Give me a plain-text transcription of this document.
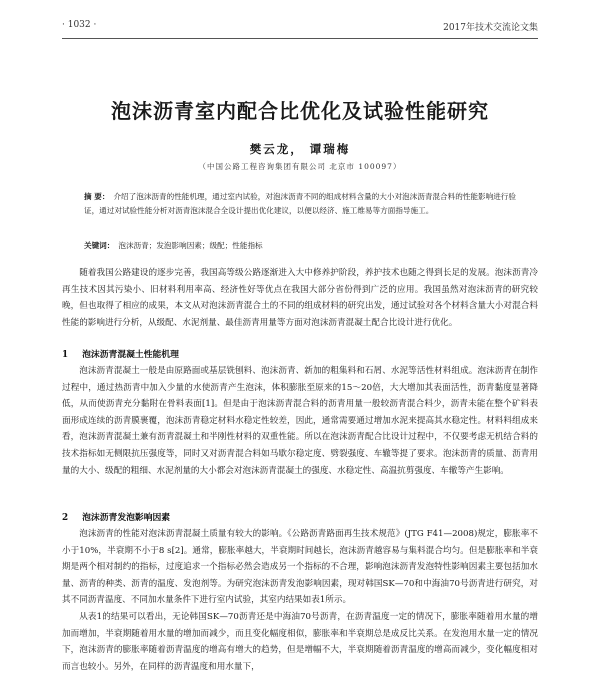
· 1032 ·	2017年技术交流论文集
泡沫沥青室内配合比优化及试验性能研究
樊云龙， 谭瑞梅
（中国公路工程咨询集团有限公司 北京市 100097）
摘 要： 介绍了泡沫沥青的性能机理，通过室内试验，对泡沫沥青不同的组成材料含量的大小对泡沫沥青混合料的性能影响进行验证，通过对试验性能分析对沥青泡沫混合全设计提出优化建议，以便以经济、施工维易等方面指导施工。
关键词： 泡沫沥青；发泡影响因素；级配；性能指标

随着我国公路建设的逐步完善，我国高等级公路逐渐进入大中修养护阶段，养护技术也随之得到长足的发展。泡沫沥青冷再生技术因其污染小、旧材料利用率高、经济性好等优点在我国大部分省份得到广泛的应用。我国虽然对泡沫沥青的研究较晚，但也取得了相应的成果，本文从对泡沫沥青混合土的不同的组成材料的研究出发，通过试验对各个材料含量大小对混合料性能的影响进行分析，从级配、水泥剂量、最佳沥青用量等方面对泡沫沥青混凝土配合比设计进行优化。

1 泡沫沥青混凝土性能机理

泡沫沥青混凝土一般是由原路面或基层铣刨料、泡沫沥青、新加的粗集料和石屑、水泥等活性材料组成。泡沫沥青在制作过程中，通过热沥青中加入少量的水使沥青产生泡沫，体积膨胀至原来的15～20倍，大大增加其表面活性，沥青黏度显著降低，从而使沥青充分黏附在骨料表面[1]。但是由于泡沫沥青混合料的沥青用量一般较沥青混合料少，沥青未能在整个矿料表面形成连续的沥青膜裹覆，泡沫沥青稳定材料水稳定性较差，因此，通常需要通过增加水泥来提高其水稳定性。材料料组成来看，泡沫沥青混凝土兼有沥青混凝土和半刚性材料的双重性能。所以在泡沫沥青配合比设计过程中，不仅要考虑无机结合料的技术指标如无侧限抗压强度等，同时又对沥青混合料如马歇尔稳定度、劈裂强度、车辙等提了要求。泡沫沥青的质量、沥青用量的大小、级配的粗细、水泥剂量的大小都会对泡沫沥青混凝土的强度、水稳定性、高温抗剪强度、车辙等产生影响。

2 泡沫沥青发泡影响因素

泡沫沥青的性能对泡沫沥青混凝土质量有较大的影响。《公路沥青路面再生技术规范》(JTG F41—2008)规定，膨胀率不小于10%，半衰期不小于8 s[2]。通常，膨胀率越大，半衰期时间越长，泡沫沥青越容易与集料混合均匀。但是膨胀率和半衰期是两个相对制约的指标，过度追求一个指标必然会造成另一个指标的不合理，影响泡沫沥青发泡特性影响因素主要包括加水量、沥青的种类、沥青的温度、发泡剂等。为研究泡沫沥青发泡影响因素，现对韩国SK—70和中海油70号沥青进行研究，对其不同沥青温度、不同加水量条件下进行室内试验，其室内结果如表1所示。

从表1的结果可以看出，无论韩国SK—70沥青还是中海油70号沥青，在沥青温度一定的情况下，膨胀率随着用水量的增加而增加，半衰期随着用水量的增加而减少，而且变化幅度相似，膨胀率和半衰期总是成反比关系。在发泡用水量一定的情况下，泡沫沥青的膨胀率随着沥青温度的增高有增大的趋势，但是增幅不大，半衰期随着沥青温度的增高而减少，变化幅度相对而言也较小。另外，在同样的沥青温度和用水量下，
